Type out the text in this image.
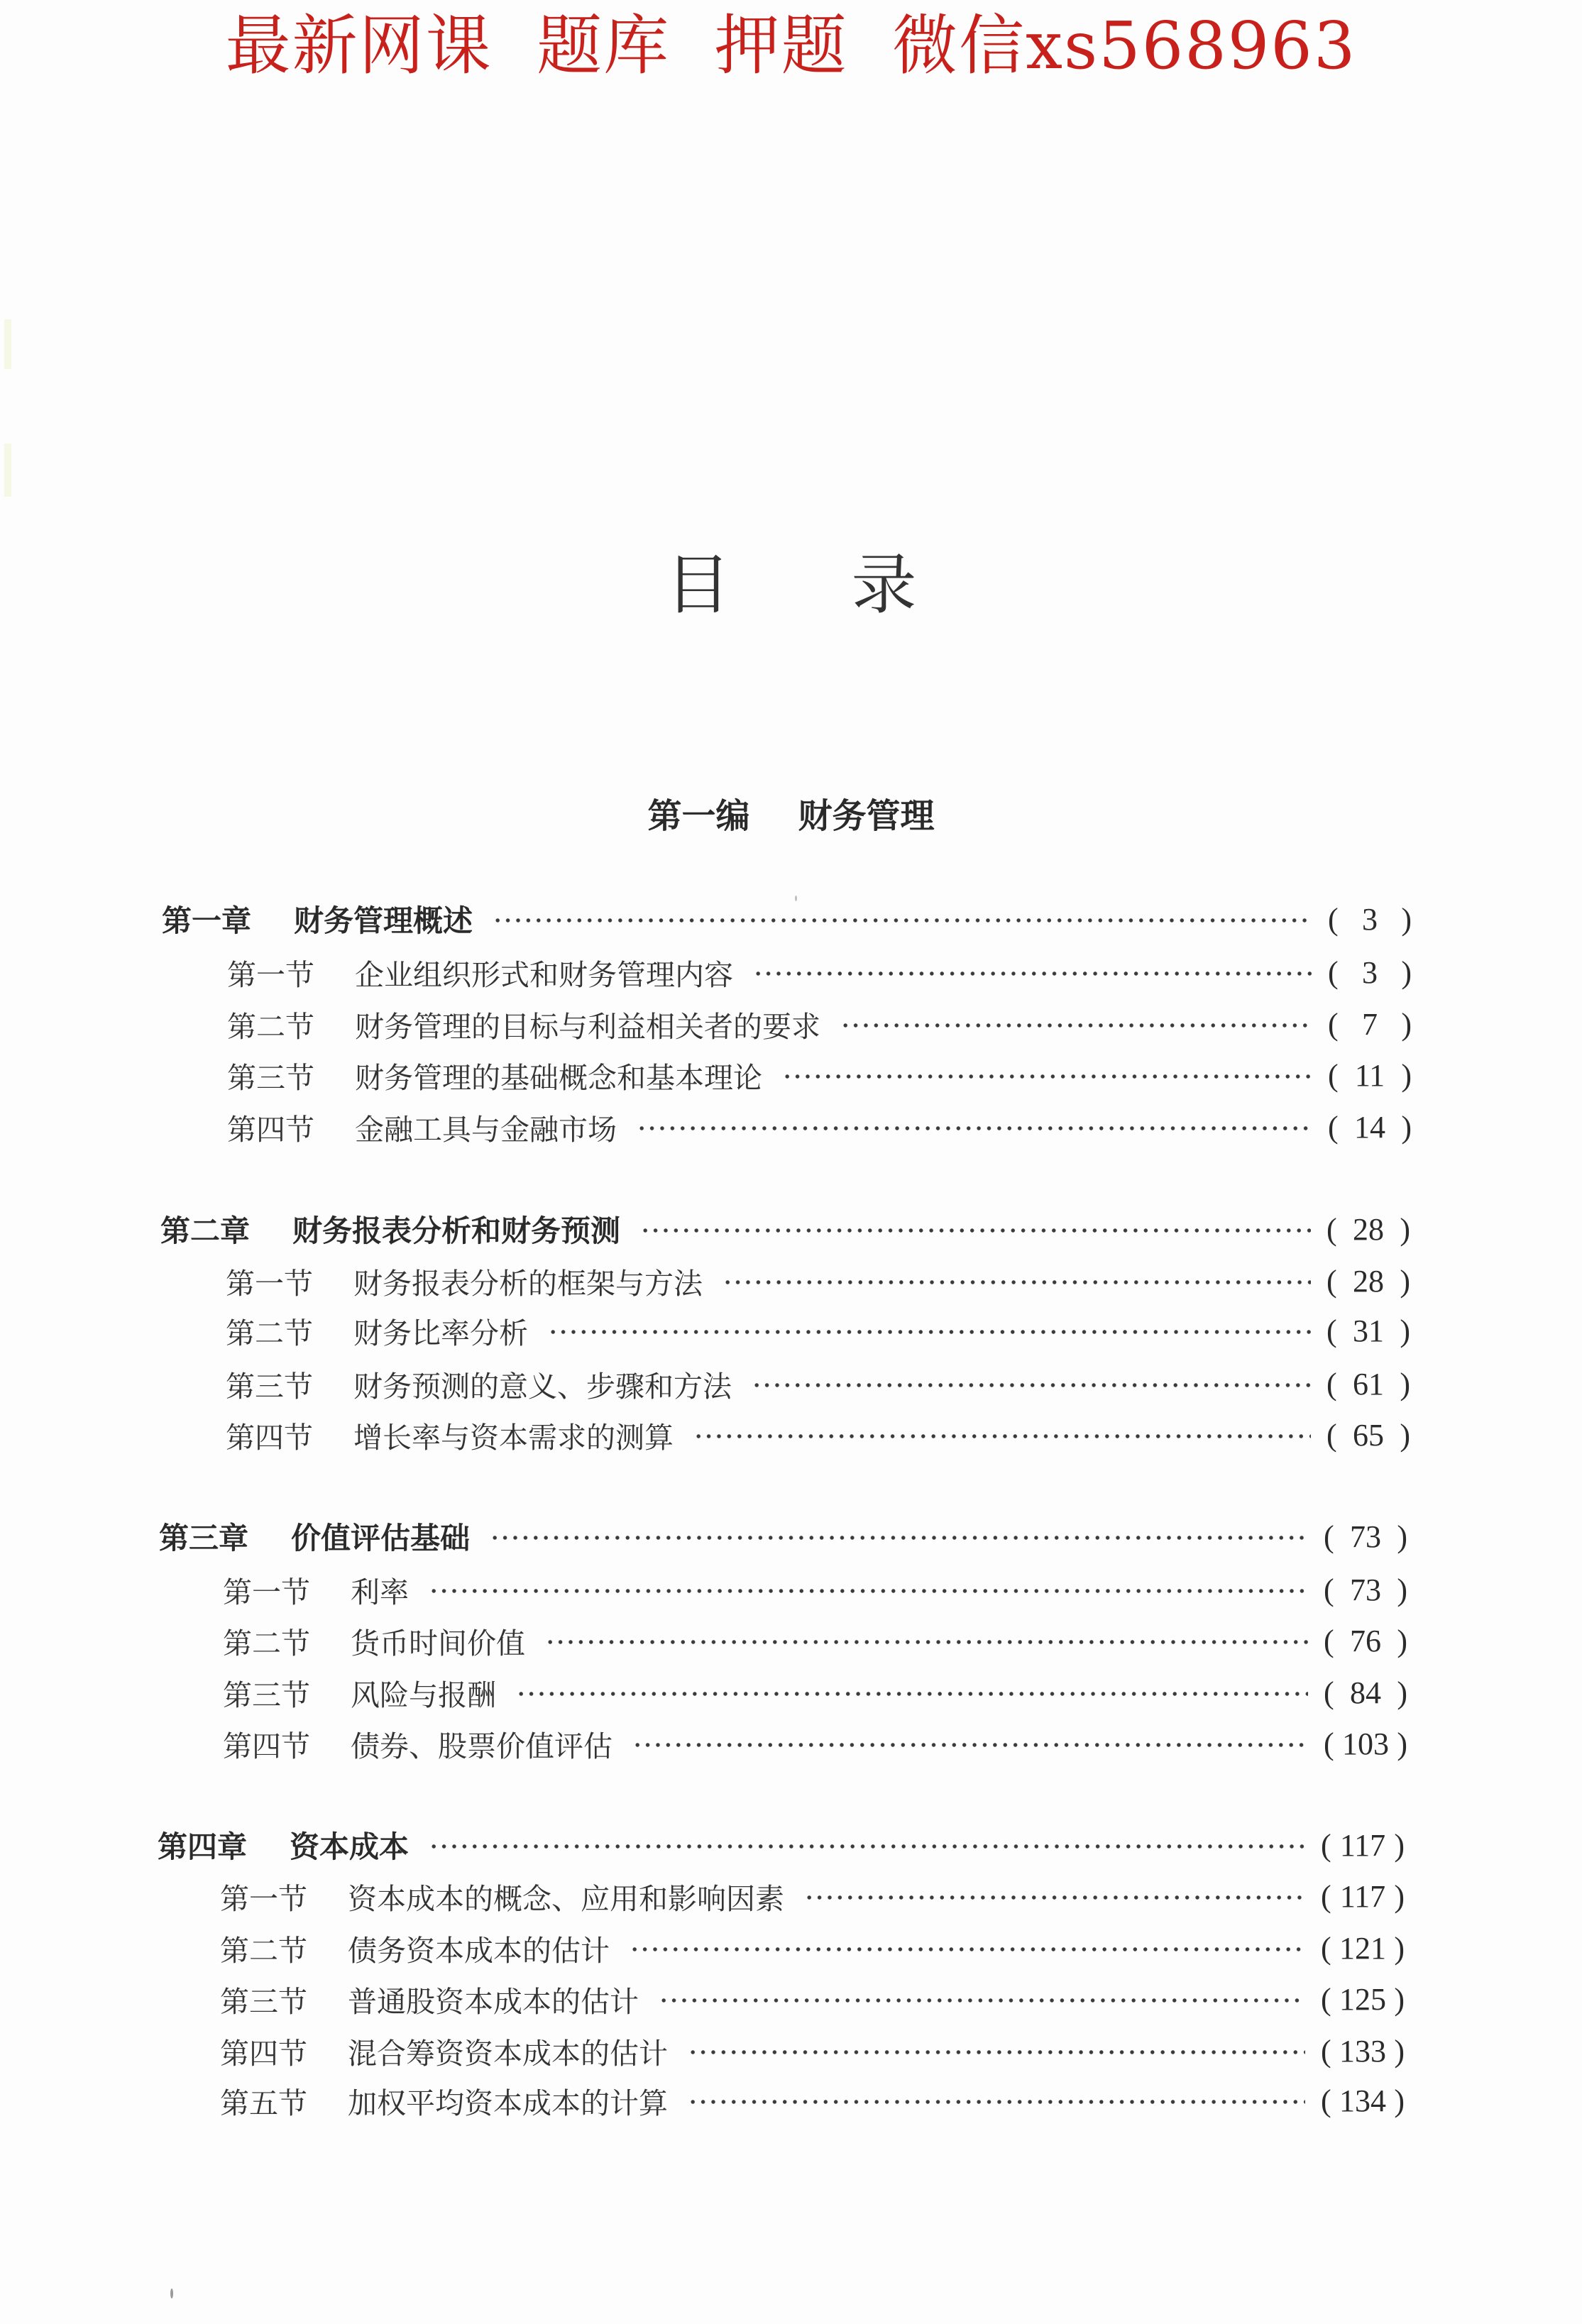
最新网课  题库  押题  微信xs568963
目 录
第一编 财务管理
第一章	财务管理概述	( 3 )
第一节	企业组织形式和财务管理内容	( 3 )
第二节	财务管理的目标与利益相关者的要求	( 7 )
第三节	财务管理的基础概念和基本理论	( 11 )
第四节	金融工具与金融市场	( 14 )
第二章	财务报表分析和财务预测	( 28 )
第一节	财务报表分析的框架与方法	( 28 )
第二节	财务比率分析	( 31 )
第三节	财务预测的意义、步骤和方法	( 61 )
第四节	增长率与资本需求的测算	( 65 )
第三章	价值评估基础	( 73 )
第一节	利率	( 73 )
第二节	货币时间价值	( 76 )
第三节	风险与报酬	( 84 )
第四节	债券、股票价值评估	( 103 )
第四章	资本成本	( 117 )
第一节	资本成本的概念、应用和影响因素	( 117 )
第二节	债务资本成本的估计	( 121 )
第三节	普通股资本成本的估计	( 125 )
第四节	混合筹资资本成本的估计	( 133 )
第五节	加权平均资本成本的计算	( 134 )
